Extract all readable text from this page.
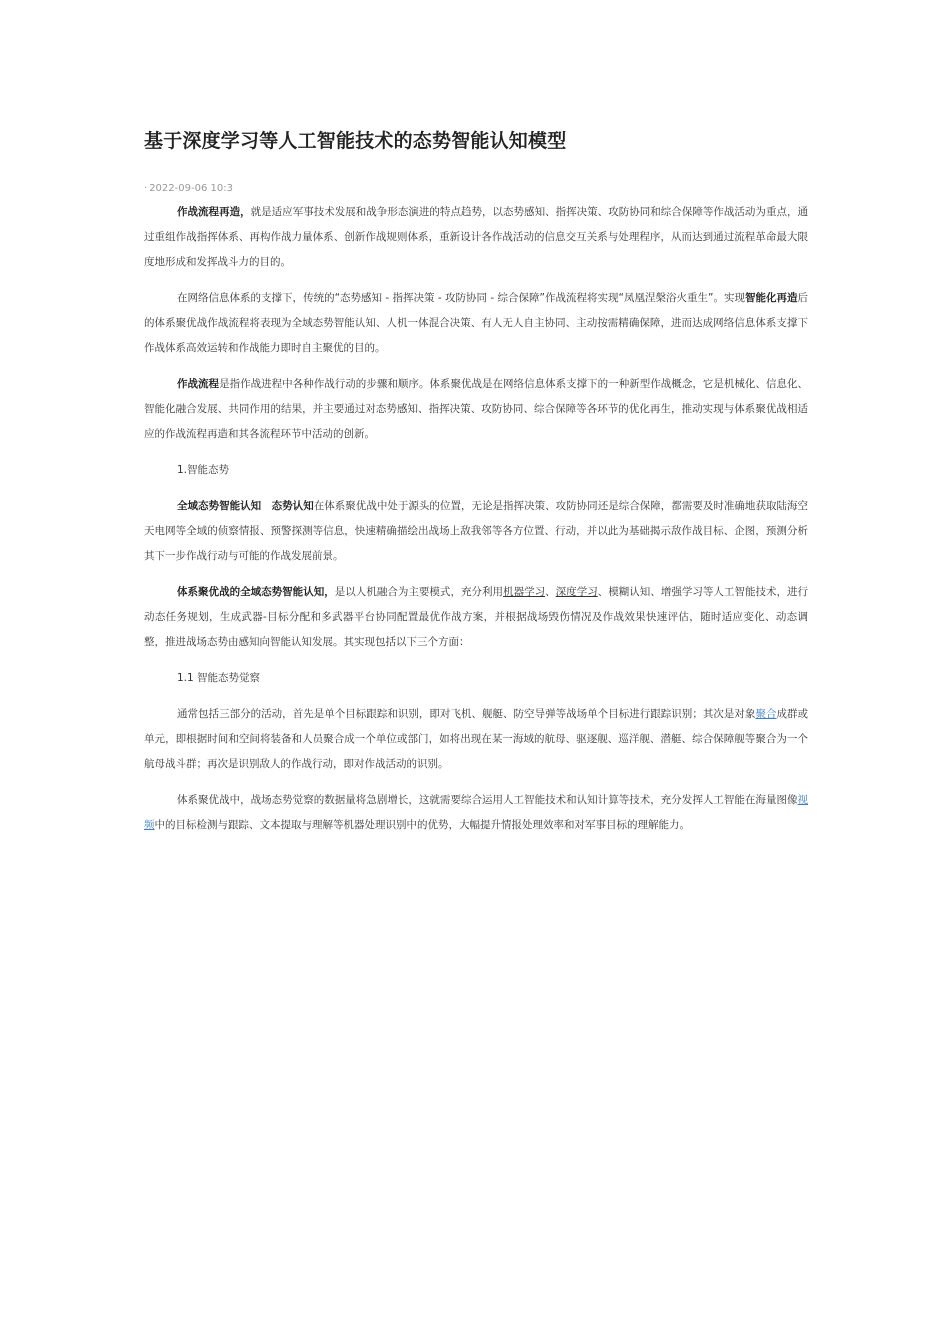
基于深度学习等人工智能技术的态势智能认知模型
· 2022-09-06 10:3

作战流程再造，就是适应军事技术发展和战争形态演进的特点趋势，以态势感知、指挥决策、攻防协同和综合保障等作战活动为重点，通过重组作战指挥体系、再构作战力量体系、创新作战规则体系，重新设计各作战活动的信息交互关系与处理程序，从而达到通过流程革命最大限度地形成和发挥战斗力的目的。

在网络信息体系的支撑下，传统的“态势感知 - 指挥决策 - 攻防协同 - 综合保障”作战流程将实现“凤凰涅槃浴火重生”。实现智能化再造后的体系聚优战作战流程将表现为全域态势智能认知、人机一体混合决策、有人无人自主协同、主动按需精确保障，进而达成网络信息体系支撑下作战体系高效运转和作战能力即时自主聚优的目的。

作战流程是指作战进程中各种作战行动的步骤和顺序。体系聚优战是在网络信息体系支撑下的一种新型作战概念，它是机械化、信息化、智能化融合发展、共同作用的结果，并主要通过对态势感知、指挥决策、攻防协同、综合保障等各环节的优化再生，推动实现与体系聚优战相适应的作战流程再造和其各流程环节中活动的创新。

1.智能态势

全域态势智能认知　态势认知在体系聚优战中处于源头的位置，无论是指挥决策、攻防协同还是综合保障，都需要及时准确地获取陆海空天电网等全域的侦察情报、预警探测等信息，快速精确描绘出战场上敌我邻等各方位置、行动，并以此为基础揭示敌作战目标、企图，预测分析其下一步作战行动与可能的作战发展前景。

体系聚优战的全域态势智能认知，是以人机融合为主要模式，充分利用机器学习、深度学习、模糊认知、增强学习等人工智能技术，进行动态任务规划，生成武器-目标分配和多武器平台协同配置最优作战方案，并根据战场毁伤情况及作战效果快速评估，随时适应变化、动态调整，推进战场态势由感知向智能认知发展。其实现包括以下三个方面：

1.1 智能态势觉察

通常包括三部分的活动，首先是单个目标跟踪和识别，即对飞机、舰艇、防空导弹等战场单个目标进行跟踪识别；其次是对象聚合成群或单元，即根据时间和空间将装备和人员聚合成一个单位或部门，如将出现在某一海域的航母、驱逐舰、巡洋舰、潜艇、综合保障舰等聚合为一个航母战斗群；再次是识别敌人的作战行动，即对作战活动的识别。

体系聚优战中，战场态势觉察的数据量将急剧增长，这就需要综合运用人工智能技术和认知计算等技术，充分发挥人工智能在海量图像视频中的目标检测与跟踪、文本提取与理解等机器处理识别中的优势，大幅提升情报处理效率和对军事目标的理解能力。
